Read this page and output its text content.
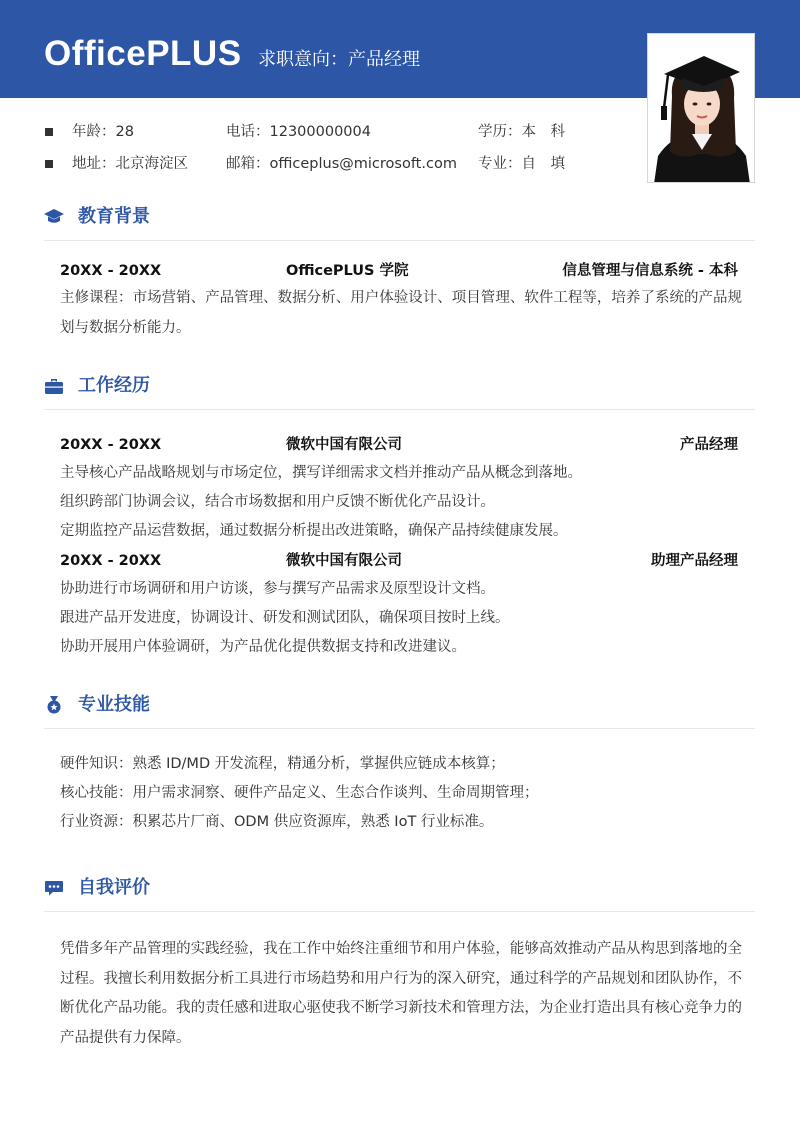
OfficePLUS 求职意向：产品经理
年龄：28	电话：12300000004	学历：本　科
地址：北京海淀区	邮箱：officeplus@microsoft.com 专业：自　填
教育背景
20XX - 20XX	OfficePLUS 学院	信息管理与信息系统 - 本科
主修课程：市场营销、产品管理、数据分析、用户体验设计、项目管理、软件工程等，培养了系统的产品规划与数据分析能力。
工作经历
20XX - 20XX	微软中国有限公司	产品经理
主导核心产品战略规划与市场定位，撰写详细需求文档并推动产品从概念到落地。
组织跨部门协调会议，结合市场数据和用户反馈不断优化产品设计。
定期监控产品运营数据，通过数据分析提出改进策略，确保产品持续健康发展。
20XX - 20XX	微软中国有限公司	助理产品经理
协助进行市场调研和用户访谈，参与撰写产品需求及原型设计文档。
跟进产品开发进度，协调设计、研发和测试团队，确保项目按时上线。
协助开展用户体验调研，为产品优化提供数据支持和改进建议。
专业技能
硬件知识：熟悉 ID/MD 开发流程，精通分析，掌握供应链成本核算；
核心技能：用户需求洞察、硬件产品定义、生态合作谈判、生命周期管理；
行业资源：积累芯片厂商、ODM 供应资源库，熟悉 IoT 行业标准。
自我评价
凭借多年产品管理的实践经验，我在工作中始终注重细节和用户体验，能够高效推动产品从构思到落地的全过程。我擅长利用数据分析工具进行市场趋势和用户行为的深入研究，通过科学的产品规划和团队协作，不断优化产品功能。我的责任感和进取心驱使我不断学习新技术和管理方法，为企业打造出具有核心竞争力的产品提供有力保障。
